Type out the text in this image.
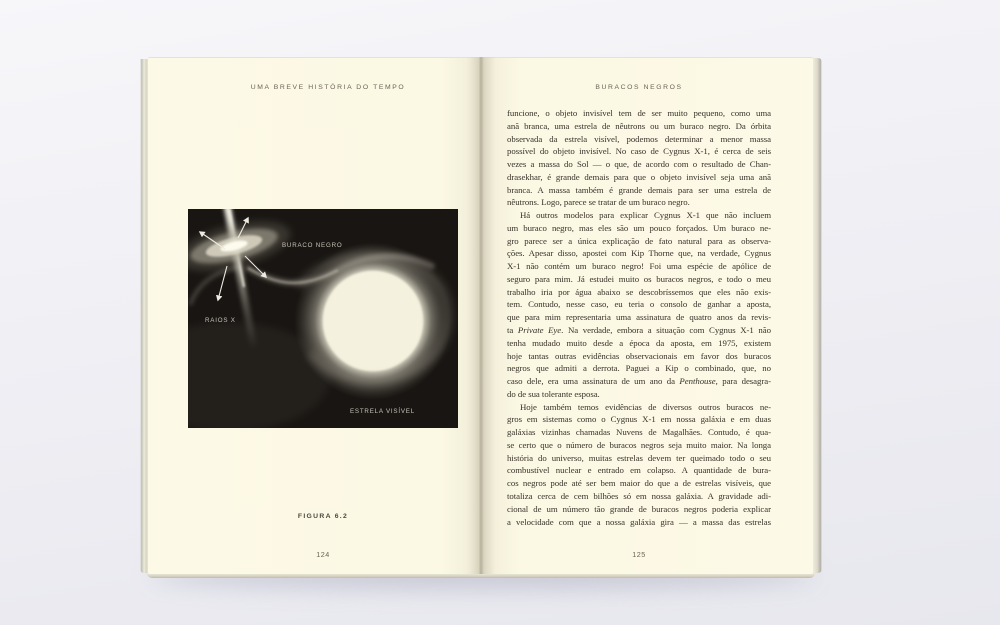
UMA BREVE HISTÓRIA DO TEMPO
BURACO NEGRO
RAIOS X
ESTRELA VISÍVEL
FIGURA 6.2
124
BURACOS NEGROS
funcione, o objeto invisível tem de ser muito pequeno, como uma
anã branca, uma estrela de nêutrons ou um buraco negro. Da órbita
observada da estrela visível, podemos determinar a menor massa
possível do objeto invisível. No caso de Cygnus X-1, é cerca de seis
vezes a massa do Sol — o que, de acordo com o resultado de Chan-
drasekhar, é grande demais para que o objeto invisível seja uma anã
branca. A massa também é grande demais para ser uma estrela de
nêutrons. Logo, parece se tratar de um buraco negro.
Há outros modelos para explicar Cygnus X-1 que não incluem
um buraco negro, mas eles são um pouco forçados. Um buraco ne-
gro parece ser a única explicação de fato natural para as observa-
ções. Apesar disso, apostei com Kip Thorne que, na verdade, Cygnus
X-1 não contém um buraco negro! Foi uma espécie de apólice de
seguro para mim. Já estudei muito os buracos negros, e todo o meu
trabalho iria por água abaixo se descobríssemos que eles não exis-
tem. Contudo, nesse caso, eu teria o consolo de ganhar a aposta,
que para mim representaria uma assinatura de quatro anos da revis-
ta Private Eye. Na verdade, embora a situação com Cygnus X-1 não
tenha mudado muito desde a época da aposta, em 1975, existem
hoje tantas outras evidências observacionais em favor dos buracos
negros que admiti a derrota. Paguei a Kip o combinado, que, no
caso dele, era uma assinatura de um ano da Penthouse, para desagra-
do de sua tolerante esposa.
Hoje também temos evidências de diversos outros buracos ne-
gros em sistemas como o Cygnus X-1 em nossa galáxia e em duas
galáxias vizinhas chamadas Nuvens de Magalhães. Contudo, é qua-
se certo que o número de buracos negros seja muito maior. Na longa
história do universo, muitas estrelas devem ter queimado todo o seu
combustível nuclear e entrado em colapso. A quantidade de bura-
cos negros pode até ser bem maior do que a de estrelas visíveis, que
totaliza cerca de cem bilhões só em nossa galáxia. A gravidade adi-
cional de um número tão grande de buracos negros poderia explicar
a velocidade com que a nossa galáxia gira — a massa das estrelas
125
